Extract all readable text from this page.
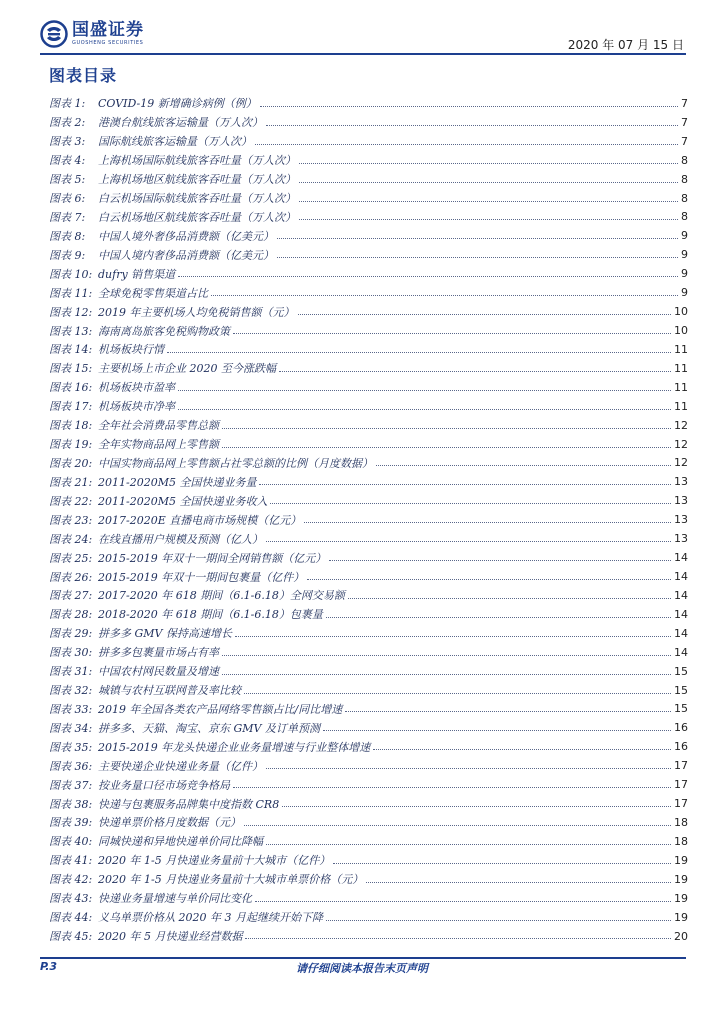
国盛证券
GUOSHENG SECURITIES	2020 年 07 月 15 日
图表目录
图表 1:	COVID-19 新增确诊病例（例）	7
图表 2:	港澳台航线旅客运输量（万人次）	7
图表 3:	国际航线旅客运输量（万人次）	7
图表 4:	上海机场国际航线旅客吞吐量（万人次）	8
图表 5:	上海机场地区航线旅客吞吐量（万人次）	8
图表 6:	白云机场国际航线旅客吞吐量（万人次）	8
图表 7:	白云机场地区航线旅客吞吐量（万人次）	8
图表 8:	中国人境外奢侈品消费额（亿美元）	9
图表 9:	中国人境内奢侈品消费额（亿美元）	9
图表 10: dufry 销售渠道	9
图表 11: 全球免税零售渠道占比	9
图表 12: 2019 年主要机场人均免税销售额（元）	10
图表 13: 海南离岛旅客免税购物政策	10
图表 14: 机场板块行情	11
图表 15: 主要机场上市企业 2020 至今涨跌幅	11
图表 16: 机场板块市盈率	11
图表 17: 机场板块市净率	11
图表 18: 全年社会消费品零售总额	12
图表 19: 全年实物商品网上零售额	12
图表 20: 中国实物商品网上零售额占社零总额的比例（月度数据）	12
图表 21: 2011-2020M5 全国快递业务量	13
图表 22: 2011-2020M5 全国快递业务收入	13
图表 23: 2017-2020E 直播电商市场规模（亿元）	13
图表 24: 在线直播用户规模及预测（亿人）	13
图表 25: 2015-2019 年双十一期间全网销售额（亿元）	14
图表 26: 2015-2019 年双十一期间包裹量（亿件）	14
图表 27: 2017-2020 年 618 期间（6.1-6.18）全网交易额	14
图表 28: 2018-2020 年 618 期间（6.1-6.18）包裹量	14
图表 29: 拼多多 GMV 保持高速增长	14
图表 30: 拼多多包裹量市场占有率	14
图表 31: 中国农村网民数量及增速	15
图表 32: 城镇与农村互联网普及率比较	15
图表 33: 2019 年全国各类农产品网络零售额占比/同比增速	15
图表 34: 拼多多、天猫、淘宝、京东 GMV 及订单预测	16
图表 35: 2015-2019 年龙头快递企业业务量增速与行业整体增速	16
图表 36: 主要快递企业快递业务量（亿件）	17
图表 37: 按业务量口径市场竞争格局	17
图表 38: 快递与包裹服务品牌集中度指数 CR8	17
图表 39: 快递单票价格月度数据（元）	18
图表 40: 同城快递和异地快递单价同比降幅	18
图表 41: 2020 年 1-5 月快递业务量前十大城市（亿件）	19
图表 42: 2020 年 1-5 月快递业务量前十大城市单票价格（元）	19
图表 43: 快递业务量增速与单价同比变化	19
图表 44: 义乌单票价格从 2020 年 3 月起继续开始下降	19
图表 45: 2020 年 5 月快递业经营数据	20
P.3	请仔细阅读本报告末页声明
